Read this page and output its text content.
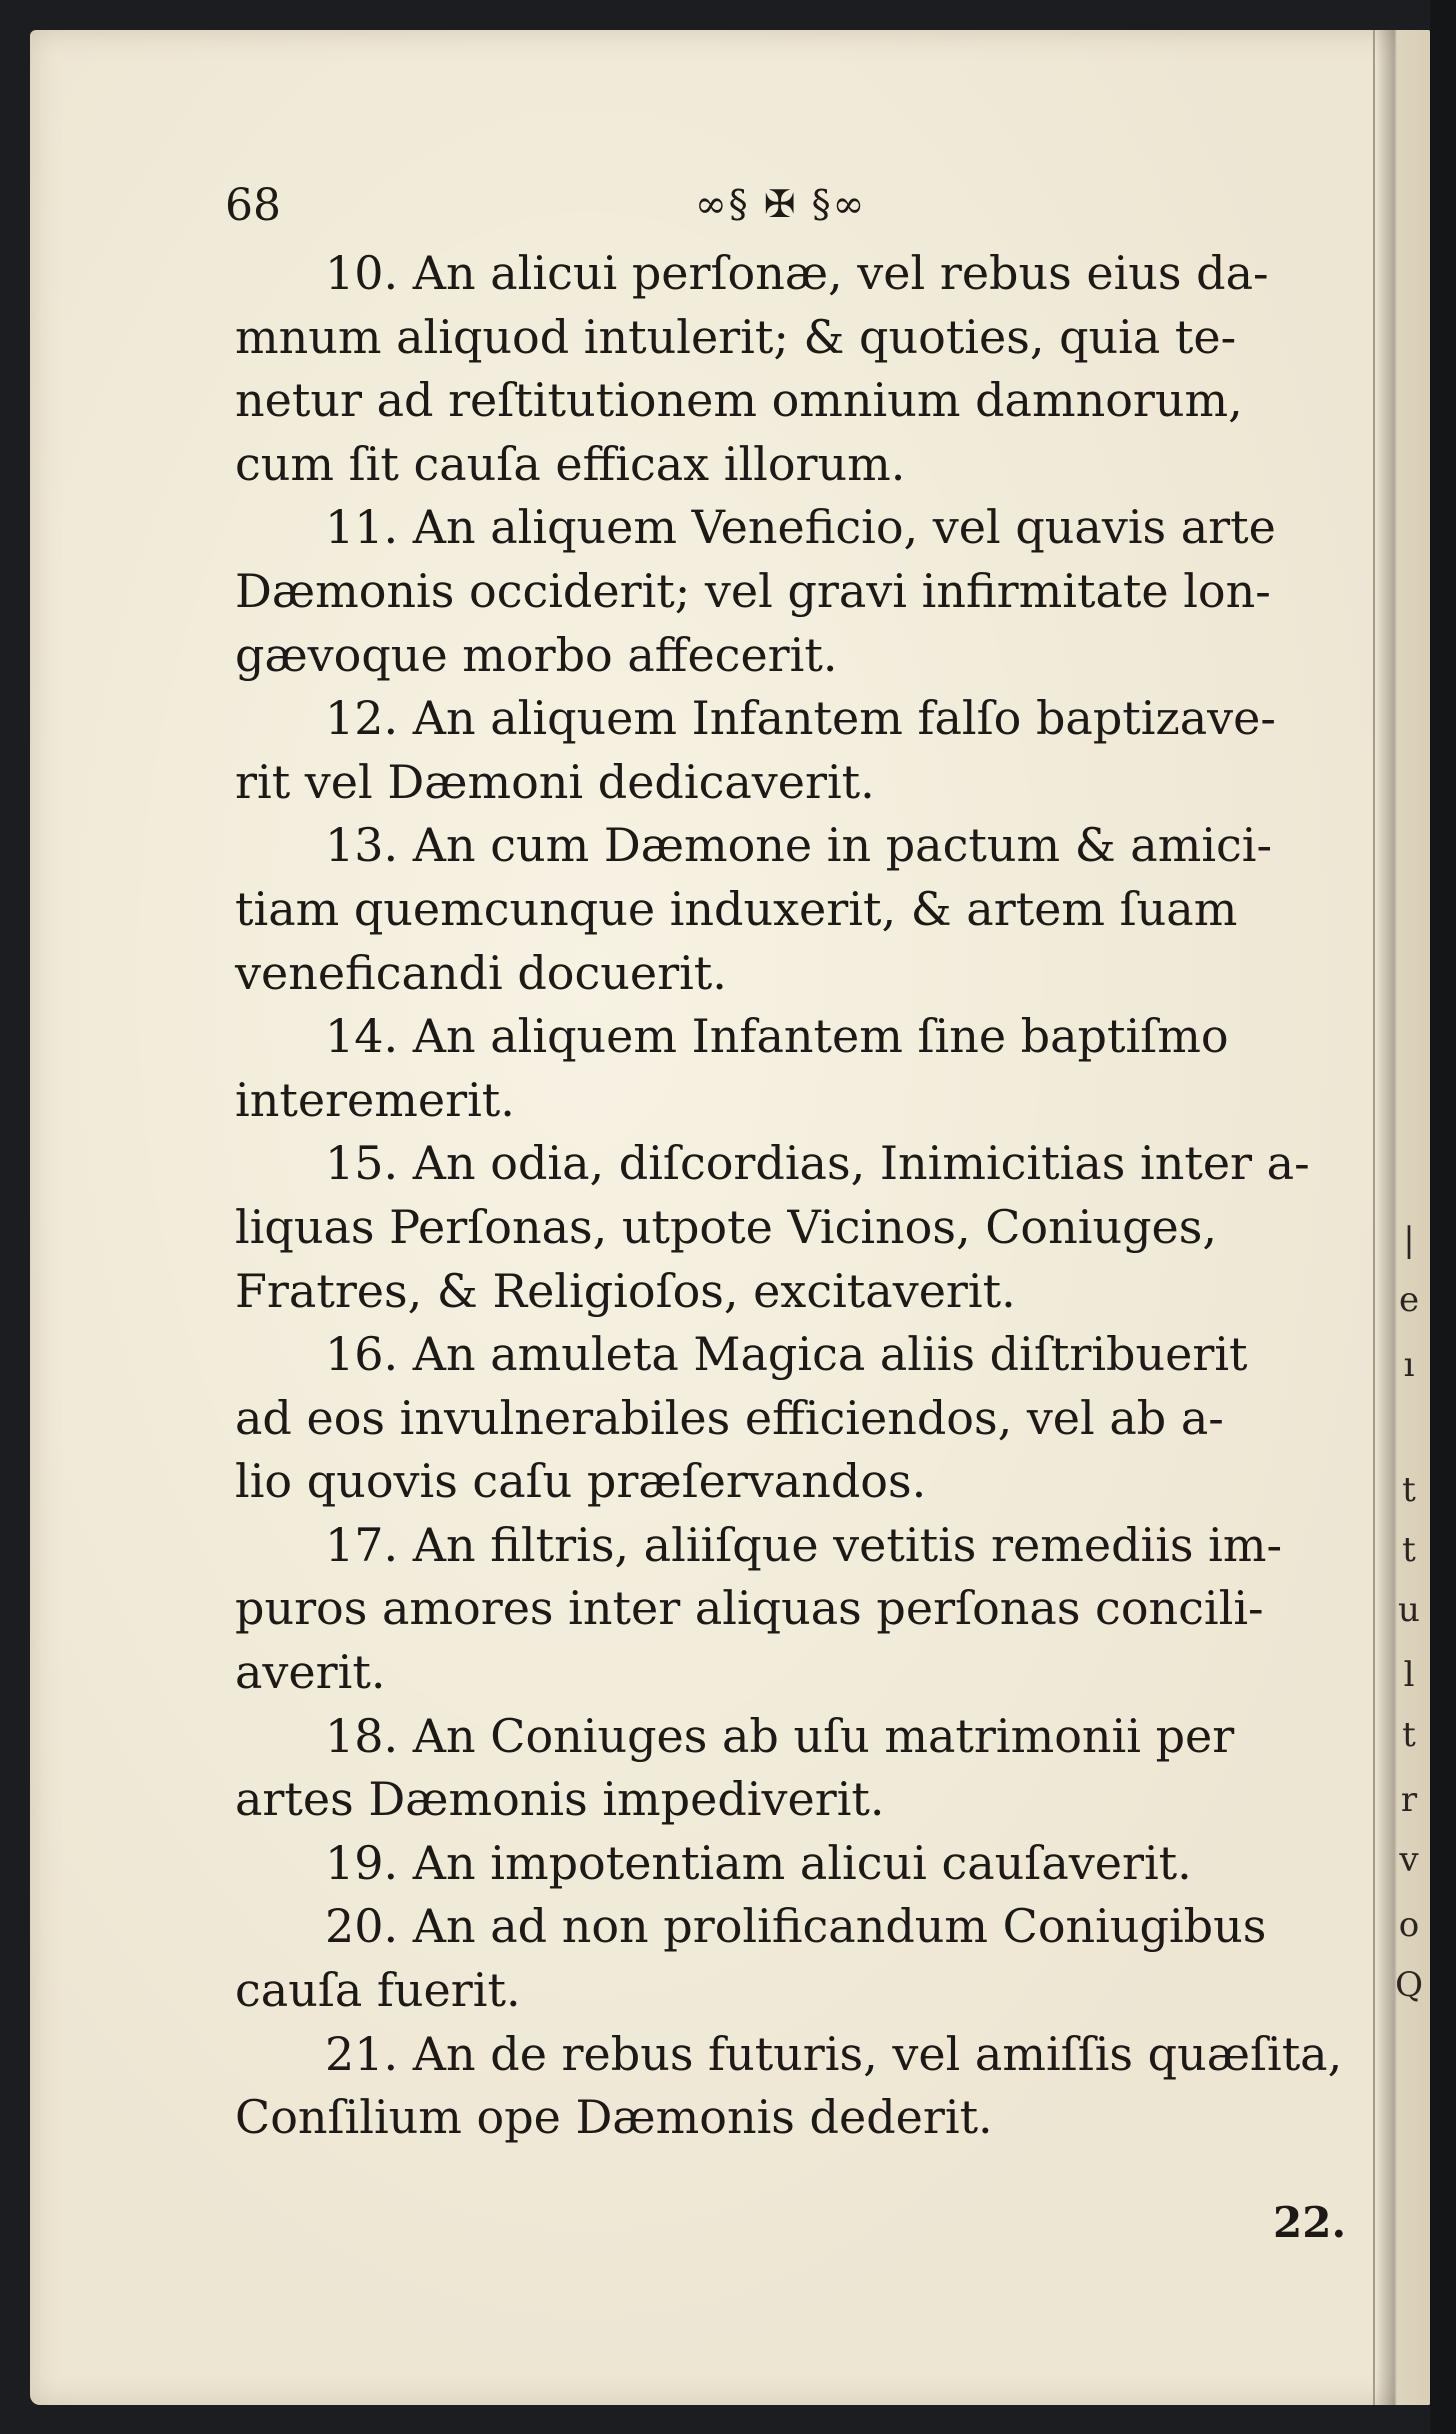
68	∞§ ✠ §∞
10. An alicui perſonæ, vel rebus eius da-
mnum aliquod intulerit; & quoties, quia te-
netur ad reſtitutionem omnium damnorum,
cum ſit cauſa efficax illorum.
11. An aliquem Veneficio, vel quavis arte
Dæmonis occiderit; vel gravi infirmitate lon-
gævoque morbo affecerit.
12. An aliquem Infantem falſo baptizave-
rit vel Dæmoni dedicaverit.
13. An cum Dæmone in pactum & amici-
tiam quemcunque induxerit, & artem ſuam
veneficandi docuerit.
14. An aliquem Infantem ſine baptiſmo
interemerit.
15. An odia, diſcordias, Inimicitias inter a-
liquas Perſonas, utpote Vicinos, Coniuges,
Fratres, & Religioſos, excitaverit.
16. An amuleta Magica aliis diſtribuerit
ad eos invulnerabiles efficiendos, vel ab a-
lio quovis caſu præſervandos.
17. An filtris, aliiſque vetitis remediis im-
puros amores inter aliquas perſonas concili-
averit.
18. An Coniuges ab uſu matrimonii per
artes Dæmonis impediverit.
19. An impotentiam alicui cauſaverit.
20. An ad non prolificandum Coniugibus
cauſa fuerit.
21. An de rebus futuris, vel amiſſis quæſita,
Conſilium ope Dæmonis dederit.
22.
|
e
ı
t
t
u
l
t
r
v
o
Q
